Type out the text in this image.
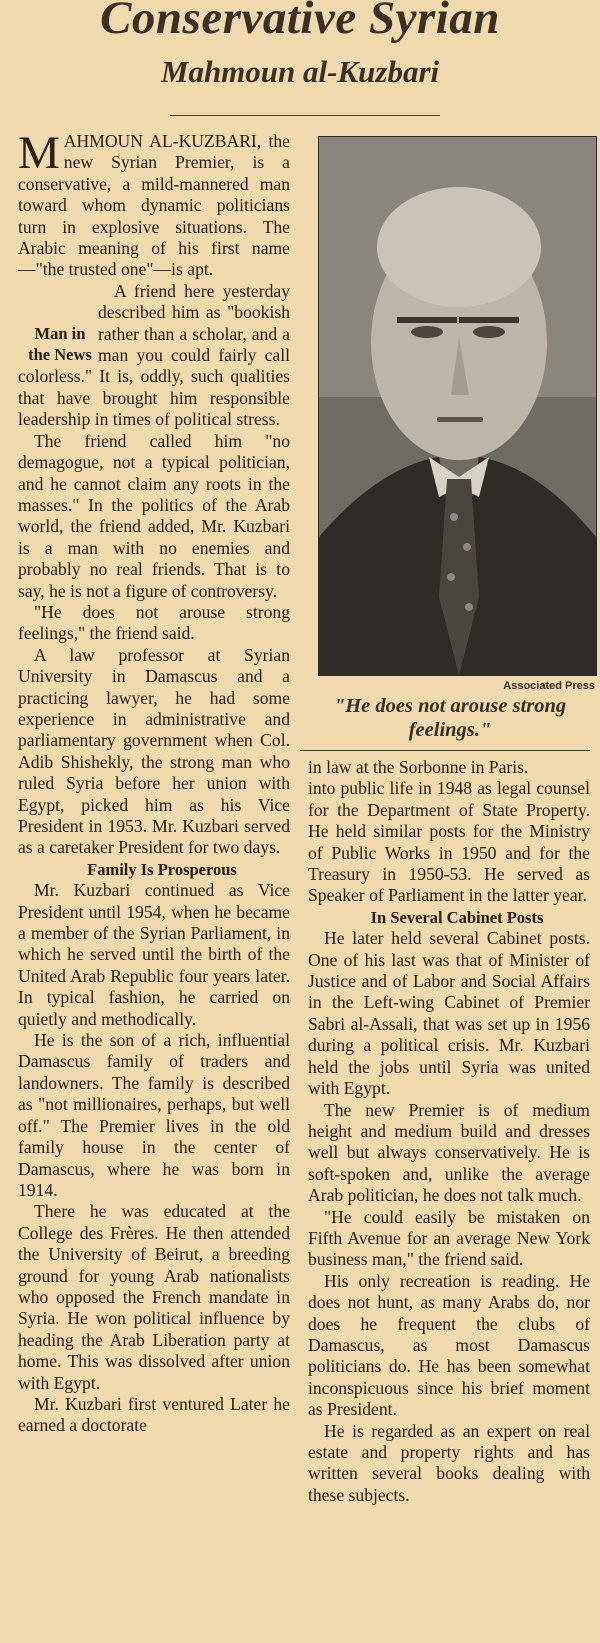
Conservative Syrian
Mahmoun al-Kuzbari

MAHMOUN AL-KUZBARI, the new Syrian Premier, is a conservative, a mild-mannered man toward whom dynamic politicians turn in explosive situations. The Arabic meaning of his first name—"the trusted one"—is apt.

Man in the News

A friend here yesterday described him as "bookish rather than a scholar, and a man you could fairly call colorless." It is, oddly, such qualities that have brought him responsible leadership in times of political stress.

The friend called him "no demagogue, not a typical politician, and he cannot claim any roots in the masses." In the politics of the Arab world, the friend added, Mr. Kuzbari is a man with no enemies and probably no real friends. That is to say, he is not a figure of controversy.

"He does not arouse strong feelings," the friend said.

A law professor at Syrian University in Damascus and a practicing lawyer, he had some experience in administrative and parliamentary government when Col. Adib Shishekly, the strong man who ruled Syria before her union with Egypt, picked him as his Vice President in 1953. Mr. Kuzbari served as a caretaker President for two days.

Family Is Prosperous

Mr. Kuzbari continued as Vice President until 1954, when he became a member of the Syrian Parliament, in which he served until the birth of the United Arab Republic four years later. In typical fashion, he carried on quietly and methodically.

He is the son of a rich, influential Damascus family of traders and landowners. The family is described as "not millionaires, perhaps, but well off." The Premier lives in the old family house in the center of Damascus, where he was born in 1914.

There he was educated at the College des Frères. He then attended the University of Beirut, a breeding ground for young Arab nationalists who opposed the French mandate in Syria. He won political influence by heading the Arab Liberation party at home. This was dissolved after union with Egypt.

Mr. Kuzbari first ventured Later he earned a doctorate

Associated Press
"He does not arouse strong feelings."

in law at the Sorbonne in Paris.

into public life in 1948 as legal counsel for the Department of State Property. He held similar posts for the Ministry of Public Works in 1950 and for the Treasury in 1950-53. He served as Speaker of Parliament in the latter year.

In Several Cabinet Posts

He later held several Cabinet posts. One of his last was that of Minister of Justice and of Labor and Social Affairs in the Left-wing Cabinet of Premier Sabri al-Assali, that was set up in 1956 during a political crisis. Mr. Kuzbari held the jobs until Syria was united with Egypt.

The new Premier is of medium height and medium build and dresses well but always conservatively. He is soft-spoken and, unlike the average Arab politician, he does not talk much.

"He could easily be mistaken on Fifth Avenue for an average New York business man," the friend said.

His only recreation is reading. He does not hunt, as many Arabs do, nor does he frequent the clubs of Damascus, as most Damascus politicians do. He has been somewhat inconspicuous since his brief moment as President.

He is regarded as an expert on real estate and property rights and has written several books dealing with these subjects.
